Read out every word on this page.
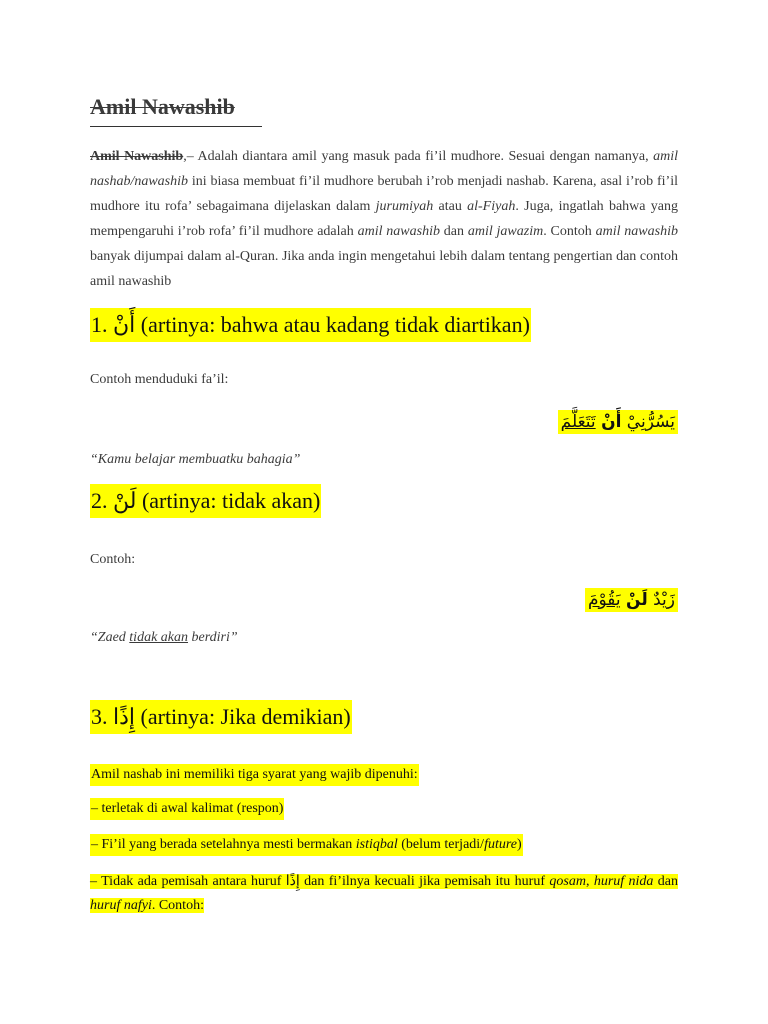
Amil Nawashib

Amil Nawashib,– Adalah diantara amil yang masuk pada fi’il mudhore. Sesuai dengan namanya, amil nashab/nawashib ini biasa membuat fi’il mudhore berubah i’rob menjadi nashab. Karena, asal i’rob fi’il mudhore itu rofa’ sebagaimana dijelaskan dalam jurumiyah atau al-Fiyah. Juga, ingatlah bahwa yang mempengaruhi i’rob rofa’ fi’il mudhore adalah amil nawashib dan amil jawazim. Contoh amil nawashib banyak dijumpai dalam al-Quran. Jika anda ingin mengetahui lebih dalam tentang pengertian dan contoh amil nawashib

1. أَنْ (artinya: bahwa atau kadang tidak diartikan)

Contoh menduduki fa’il:

يَسُرُّنِيْ أَنْ تَتَعَلَّمَ

“Kamu belajar membuatku bahagia”

2. لَنْ (artinya: tidak akan)

Contoh:

زَيْدٌ لَنْ يَقُوْمَ

“Zaed tidak akan berdiri”

3. إِذًا (artinya: Jika demikian)

Amil nashab ini memiliki tiga syarat yang wajib dipenuhi:

– terletak di awal kalimat (respon)

– Fi’il yang berada setelahnya mesti bermakan istiqbal (belum terjadi/future)

– Tidak ada pemisah antara huruf إِذًا dan fi’ilnya kecuali jika pemisah itu huruf qosam, huruf nida dan huruf nafyi. Contoh:
